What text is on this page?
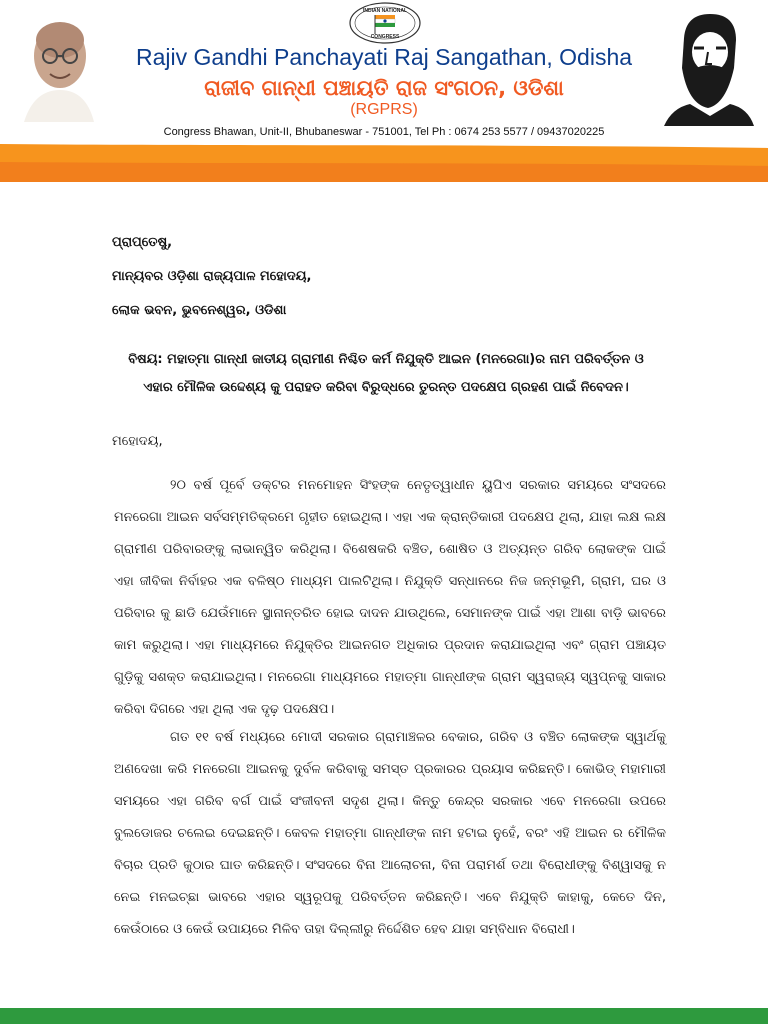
INDIAN NATIONAL
CONGRESS
Rajiv Gandhi Panchayati Raj Sangathan, Odisha
ରାଜୀବ ଗାନ୍ଧୀ ପଞ୍ଚାୟତି ରାଜ ସଂଗଠନ, ଓଡିଶା
(RGPRS)
Congress Bhawan, Unit-II, Bhubaneswar - 751001, Tel Ph : 0674 253 5577 / 09437020225
ପ୍ରାପ୍ତେଷୁ,
ମାନ୍ୟବର ଓଡ଼ିଶା ରାଜ୍ୟପାଳ ମହୋଦୟ,
ଲୋକ ଭବନ, ଭୁବନେଶ୍ୱର, ଓଡିଶା
ବିଷୟ: ମହାତ୍ମା ଗାନ୍ଧୀ ଜାତୀୟ ଗ୍ରାମୀଣ ନିଶ୍ଚିତ କର୍ମ ନିଯୁକ୍ତି ଆଇନ (ମନରେଗା)ର ନାମ ପରିବର୍ତ୍ତନ ଓ ଏହାର ମୌଳିକ ଉଦ୍ଦେଶ୍ୟ କୁ ପରାହତ କରିବା ବିରୁଦ୍ଧରେ ତୁରନ୍ତ ପଦକ୍ଷେପ ଗ୍ରହଣ ପାଇଁ ନିବେଦନ।
ମହୋଦୟ,
୨୦ ବର୍ଷ ପୂର୍ବେ ଡକ୍ଟର ମନମୋହନ ସିଂହଙ୍କ ନେତୃତ୍ୱାଧୀନ ୟୁପିଏ ସରକାର ସମୟରେ ସଂସଦରେ ମନରେଗା ଆଇନ ସର୍ବସମ୍ମତିକ୍ରମେ ଗୃହୀତ ହୋଇଥିଲା। ଏହା ଏକ କ୍ରାନ୍ତିକାରୀ ପଦକ୍ଷେପ ଥିଲା, ଯାହା ଲକ୍ଷ ଲକ୍ଷ ଗ୍ରାମୀଣ ପରିବାରଙ୍କୁ ଲାଭାନ୍ୱିତ କରିଥିଲା। ବିଶେଷକରି ବଞ୍ଚିତ, ଶୋଷିତ ଓ ଅତ୍ୟନ୍ତ ଗରିବ ଲୋକଙ୍କ ପାଇଁ ଏହା ଜୀବିକା ନିର୍ବାହର ଏକ ବଳିଷ୍ଠ ମାଧ୍ୟମ ପାଲଟିଥିଲା। ନିଯୁକ୍ତି ସନ୍ଧାନରେ ନିଜ ଜନ୍ମଭୂମି, ଗ୍ରାମ, ଘର ଓ ପରିବାର କୁ ଛାଡି ଯେଉଁମାନେ ସ୍ଥାନାନ୍ତରିତ ହୋଇ ଦାଦନ ଯାଉଥିଲେ, ସେମାନଙ୍କ ପାଇଁ ଏହା ଆଶା ବାଡ଼ି ଭାବରେ କାମ କରୁଥିଲା। ଏହା ମାଧ୍ୟମରେ ନିଯୁକ୍ତିର ଆଇନଗତ ଅଧିକାର ପ୍ରଦାନ କରାଯାଇଥିଲା ଏବଂ ଗ୍ରାମ ପଞ୍ଚାୟତ ଗୁଡ଼ିକୁ ସଶକ୍ତ କରାଯାଇଥିଲା। ମନରେଗା ମାଧ୍ୟମରେ ମହାତ୍ମା ଗାନ୍ଧୀଙ୍କ ଗ୍ରାମ ସ୍ୱରାଜ୍ୟ ସ୍ୱପ୍ନକୁ ସାକାର କରିବା ଦିଗରେ ଏହା ଥିଲା ଏକ ଦୃଢ଼ ପଦକ୍ଷେପ।
ଗତ ୧୧ ବର୍ଷ ମଧ୍ୟରେ ମୋଦୀ ସରକାର ଗ୍ରାମାଞ୍ଚଳର ବେକାର, ଗରିବ ଓ ବଞ୍ଚିତ ଲୋକଙ୍କ ସ୍ୱାର୍ଥକୁ ଅଣଦେଖା କରି ମନରେଗା ଆଇନକୁ ଦୁର୍ବଳ କରିବାକୁ ସମସ୍ତ ପ୍ରକାରର ପ୍ରୟାସ କରିଛନ୍ତି। କୋଭିଡ୍ ମହାମାରୀ ସମୟରେ ଏହା ଗରିବ ବର୍ଗ ପାଇଁ ସଂଜୀବନୀ ସଦୃଶ ଥିଲା। କିନ୍ତୁ କେନ୍ଦ୍ର ସରକାର ଏବେ ମନରେଗା ଉପରେ ବୁଲଡୋଜର ଚଲେଇ ଦେଇଛନ୍ତି। କେବଳ ମହାତ୍ମା ଗାନ୍ଧୀଙ୍କ ନାମ ହଟାଇ ନୁହେଁ, ବରଂ ଏହି ଆଇନ ର ମୌଳିକ ବିଚାର ପ୍ରତି କୁଠାର ଘାତ କରିଛନ୍ତି। ସଂସଦରେ ବିନା ଆଲୋଚନା, ବିନା ପରାମର୍ଶ ତଥା ବିରୋଧୀଙ୍କୁ ବିଶ୍ୱାସକୁ ନ ନେଇ ମନଇଚ୍ଛା ଭାବରେ ଏହାର ସ୍ୱରୂପକୁ ପରିବର୍ତ୍ତନ କରିଛନ୍ତି। ଏବେ ନିଯୁକ୍ତି କାହାକୁ, କେତେ ଦିନ, କେଉଁଠାରେ ଓ କେଉଁ ଉପାୟରେ ମିଳିବ ତାହା ଦିଲ୍ଲୀରୁ ନିର୍ଦ୍ଦେଶିତ ହେବ ଯାହା ସମ୍ବିଧାନ ବିରୋଧୀ।
